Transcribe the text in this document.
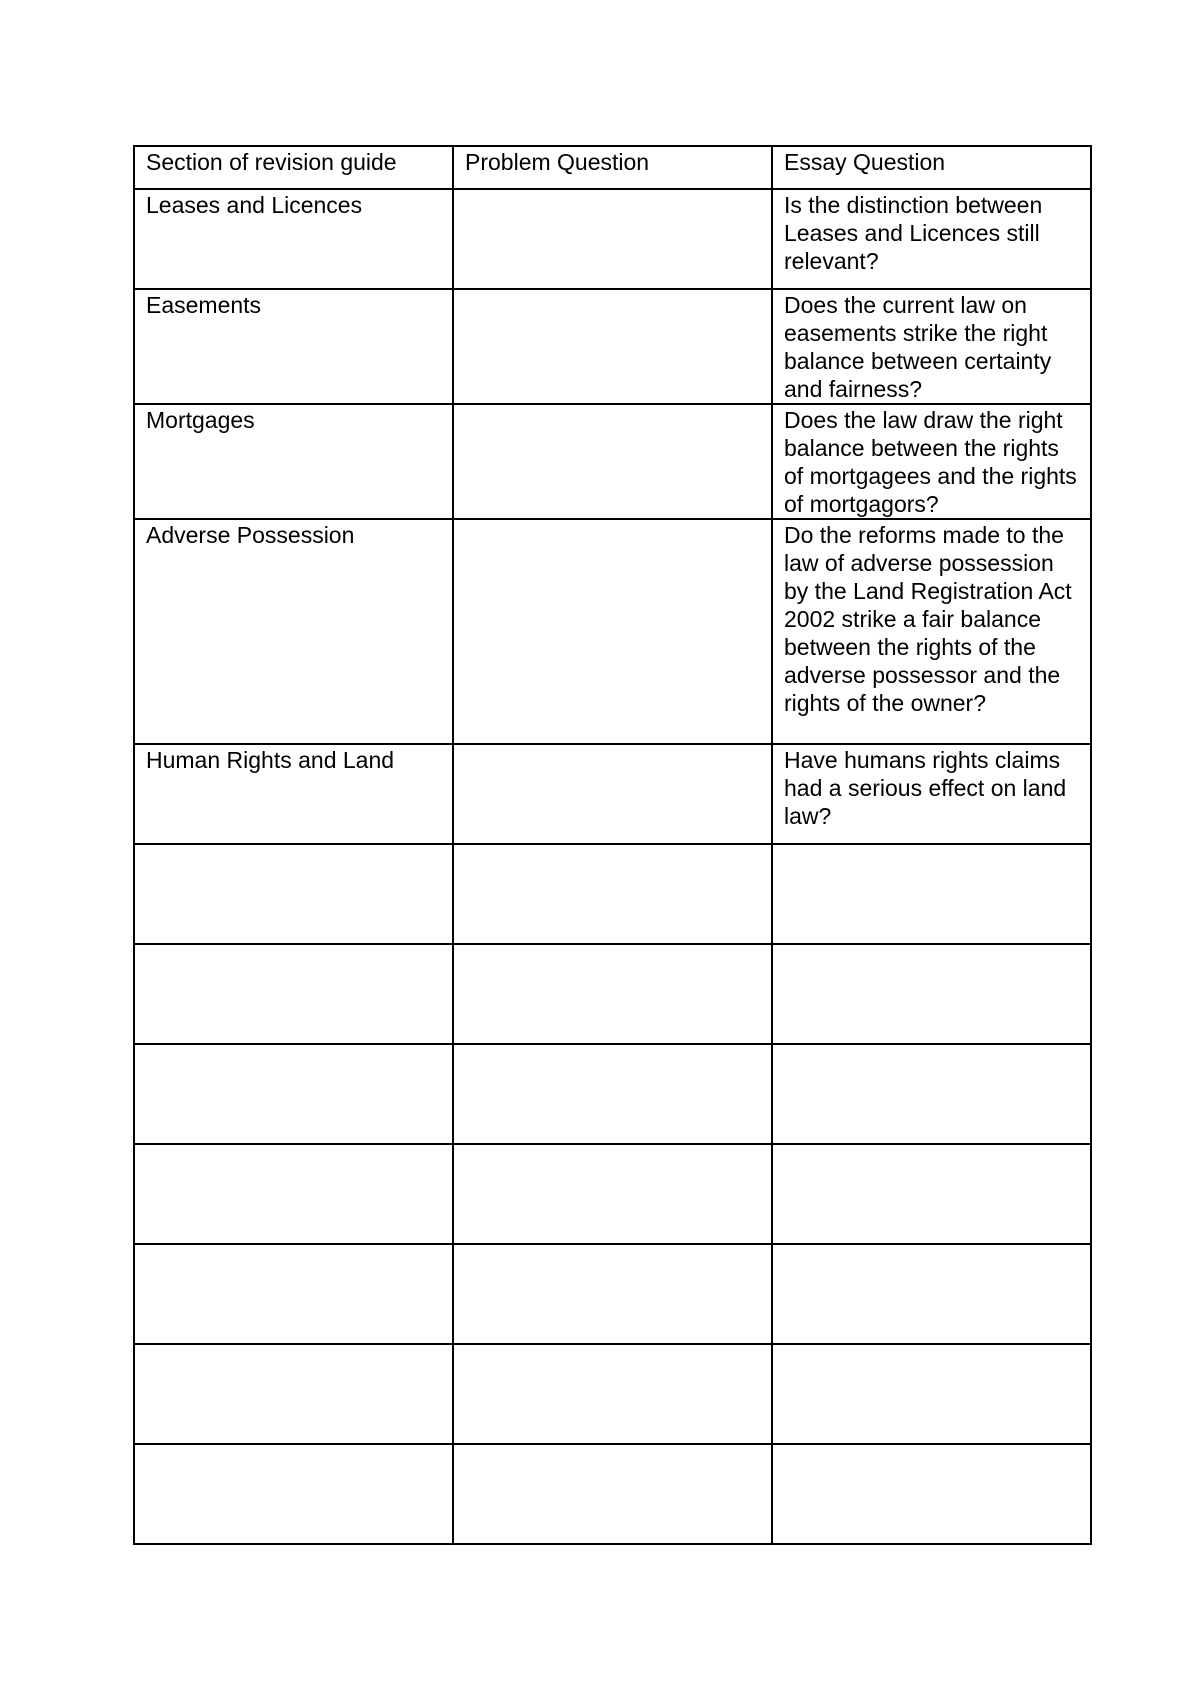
Section of revision guide	Problem Question	Essay Question
Leases and Licences		Is the distinction between Leases and Licences still relevant?
Easements		Does the current law on easements strike the right balance between certainty and fairness?
Mortgages		Does the law draw the right balance between the rights of mortgagees and the rights of mortgagors?
Adverse Possession		Do the reforms made to the law of adverse possession by the Land Registration Act 2002 strike a fair balance between the rights of the adverse possessor and the rights of the owner?
Human Rights and Land		Have humans rights claims had a serious effect on land law?
